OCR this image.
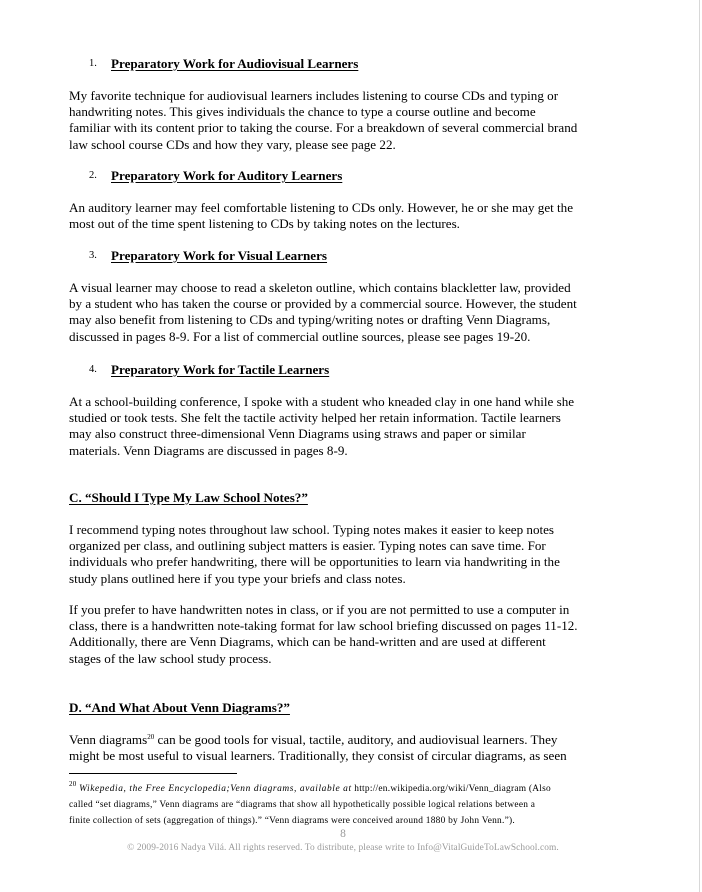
1. Preparatory Work for Audiovisual Learners

My favorite technique for audiovisual learners includes listening to course CDs and typing or
handwriting notes. This gives individuals the chance to type a course outline and become
familiar with its content prior to taking the course. For a breakdown of several commercial brand
law school course CDs and how they vary, please see page 22.

2. Preparatory Work for Auditory Learners

An auditory learner may feel comfortable listening to CDs only. However, he or she may get the
most out of the time spent listening to CDs by taking notes on the lectures.

3. Preparatory Work for Visual Learners

A visual learner may choose to read a skeleton outline, which contains blackletter law, provided
by a student who has taken the course or provided by a commercial source. However, the student
may also benefit from listening to CDs and typing/writing notes or drafting Venn Diagrams,
discussed in pages 8-9. For a list of commercial outline sources, please see pages 19-20.

4. Preparatory Work for Tactile Learners

At a school-building conference, I spoke with a student who kneaded clay in one hand while she
studied or took tests. She felt the tactile activity helped her retain information. Tactile learners
may also construct three-dimensional Venn Diagrams using straws and paper or similar
materials. Venn Diagrams are discussed in pages 8-9.

C. “Should I Type My Law School Notes?”

I recommend typing notes throughout law school. Typing notes makes it easier to keep notes
organized per class, and outlining subject matters is easier. Typing notes can save time. For
individuals who prefer handwriting, there will be opportunities to learn via handwriting in the
study plans outlined here if you type your briefs and class notes.

If you prefer to have handwritten notes in class, or if you are not permitted to use a computer in
class, there is a handwritten note-taking format for law school briefing discussed on pages 11-12.
Additionally, there are Venn Diagrams, which can be hand-written and are used at different
stages of the law school study process.

D. “And What About Venn Diagrams?”

Venn diagrams$^{20}$ can be good tools for visual, tactile, auditory, and audiovisual learners. They
might be most useful to visual learners. Traditionally, they consist of circular diagrams, as seen

$^{20}$ Wikepedia, the Free Encyclopedia;Venn diagrams, available at http://en.wikipedia.org/wiki/Venn_diagram (Also
called “set diagrams,” Venn diagrams are “diagrams that show all hypothetically possible logical relations between a
finite collection of sets (aggregation of things).” “Venn diagrams were conceived around 1880 by John Venn.”).
8
© 2009-2016 Nadya Vilá. All rights reserved. To distribute, please write to Info@VitalGuideToLawSchool.com.
